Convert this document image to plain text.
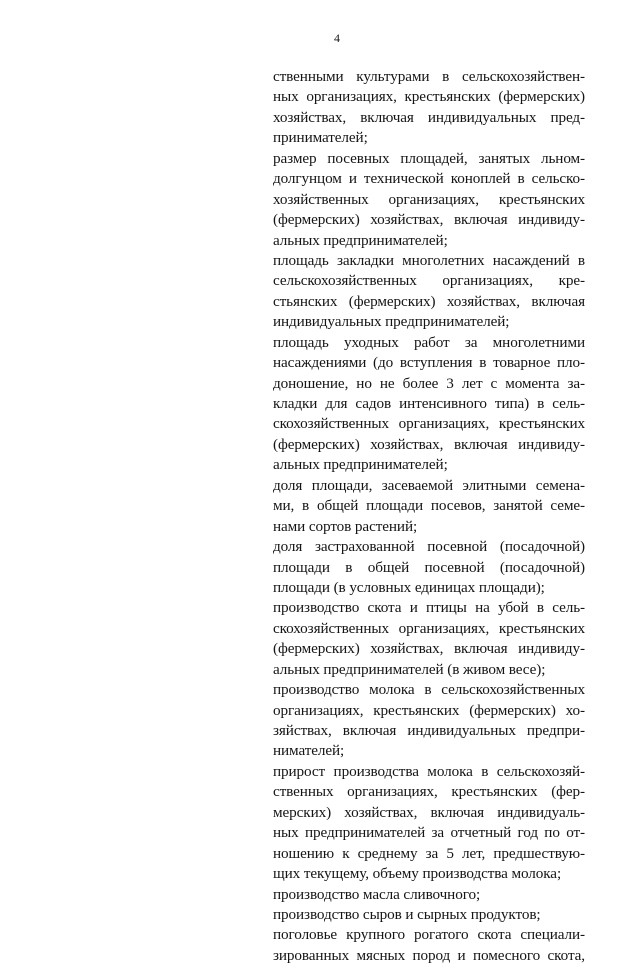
4
ственными культурами в сельскохозяйствен-
ных организациях, крестьянских (фермерских)
хозяйствах, включая индивидуальных пред-
принимателей;
размер посевных площадей, занятых льном-
долгунцом и технической коноплей в сельско-
хозяйственных организациях, крестьянских
(фермерских) хозяйствах, включая индивиду-
альных предпринимателей;
площадь закладки многолетних насаждений в
сельскохозяйственных организациях, кре-
стьянских (фермерских) хозяйствах, включая
индивидуальных предпринимателей;
площадь уходных работ за многолетними
насаждениями (до вступления в товарное пло-
доношение, но не более 3 лет с момента за-
кладки для садов интенсивного типа) в сель-
скохозяйственных организациях, крестьянских
(фермерских) хозяйствах, включая индивиду-
альных предпринимателей;
доля площади, засеваемой элитными семена-
ми, в общей площади посевов, занятой семе-
нами сортов растений;
доля застрахованной посевной (посадочной)
площади в общей посевной (посадочной)
площади (в условных единицах площади);
производство скота и птицы на убой в сель-
скохозяйственных организациях, крестьянских
(фермерских) хозяйствах, включая индивиду-
альных предпринимателей (в живом весе);
производство молока в сельскохозяйственных
организациях, крестьянских (фермерских) хо-
зяйствах, включая индивидуальных предпри-
нимателей;
прирост производства молока в сельскохозяй-
ственных организациях, крестьянских (фер-
мерских) хозяйствах, включая индивидуаль-
ных предпринимателей за отчетный год по от-
ношению к среднему за 5 лет, предшествую-
щих текущему, объему производства молока;
производство масла сливочного;
производство сыров и сырных продуктов;
поголовье крупного рогатого скота специали-
зированных мясных пород и помесного скота,
